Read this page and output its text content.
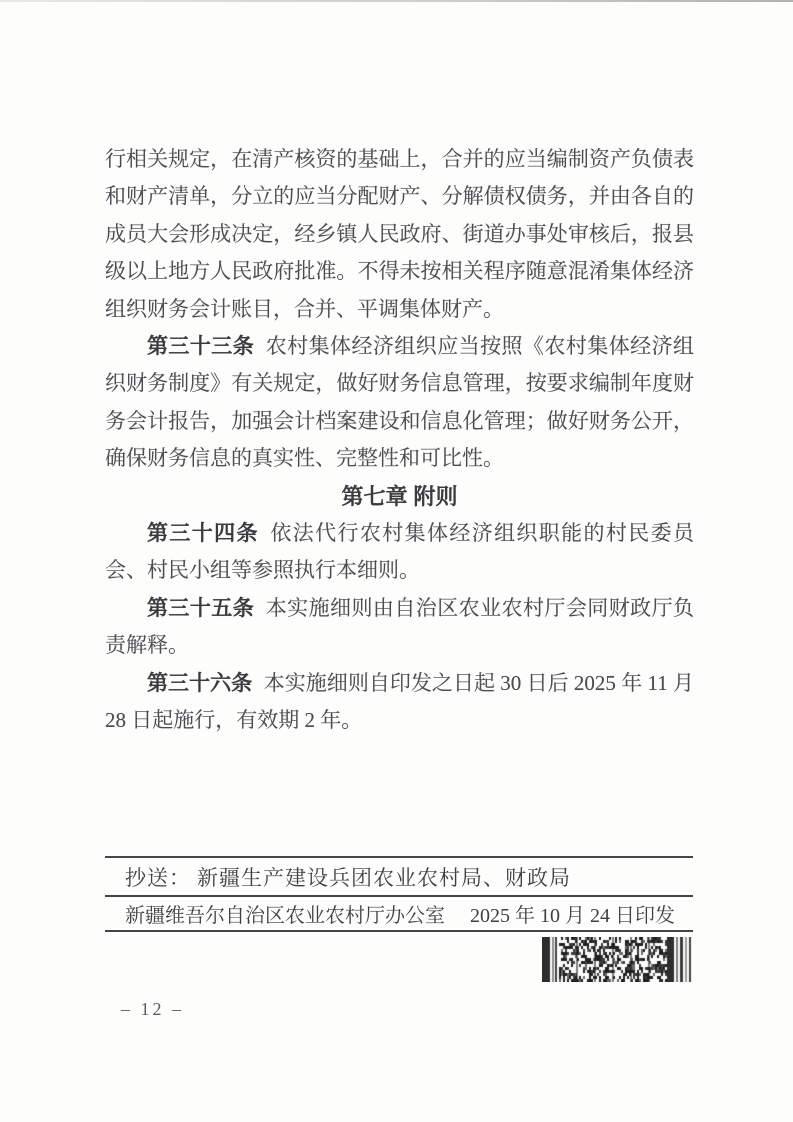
行相关规定，在清产核资的基础上，合并的应当编制资产负债表和财产清单，分立的应当分配财产、分解债权债务，并由各自的成员大会形成决定，经乡镇人民政府、街道办事处审核后，报县级以上地方人民政府批准。不得未按相关程序随意混淆集体经济组织财务会计账目，合并、平调集体财产。

第三十三条 农村集体经济组织应当按照《农村集体经济组织财务制度》有关规定，做好财务信息管理，按要求编制年度财务会计报告，加强会计档案建设和信息化管理；做好财务公开，确保财务信息的真实性、完整性和可比性。

第七章 附则

第三十四条 依法代行农村集体经济组织职能的村民委员会、村民小组等参照执行本细则。

第三十五条 本实施细则由自治区农业农村厅会同财政厅负责解释。

第三十六条 本实施细则自印发之日起 30 日后 2025 年 11 月 28 日起施行，有效期 2 年。

抄送： 新疆生产建设兵团农业农村局、财政局
新疆维吾尔自治区农业农村厅办公室 2025 年 10 月 24 日印发
– 12 –
